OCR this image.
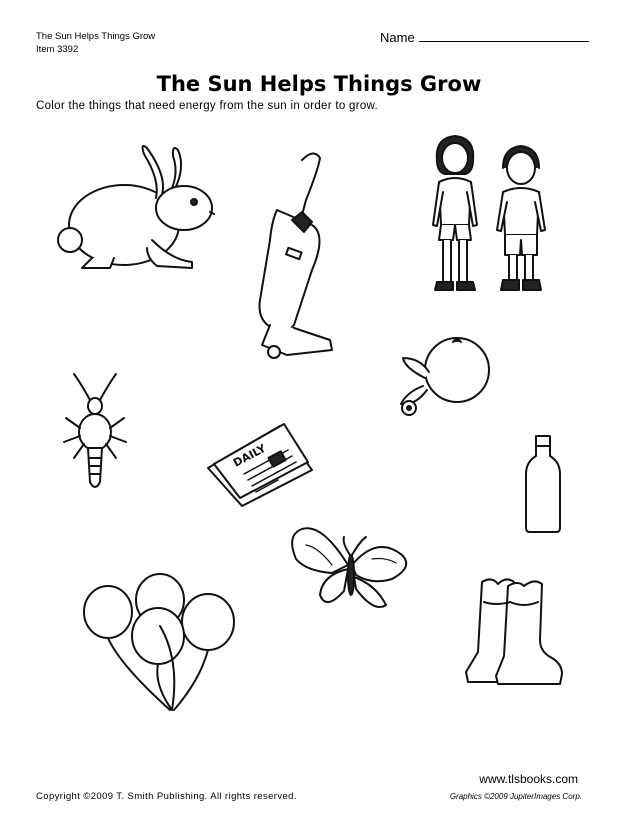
The Sun Helps Things Grow
Item 3392
Name
The Sun Helps Things Grow
Color the things that need energy from the sun in order to grow.
DAILY
www.tlsbooks.com
Copyright ©2009 T. Smith Publishing. All rights reserved.	Graphics ©2009 JupiterImages Corp.
